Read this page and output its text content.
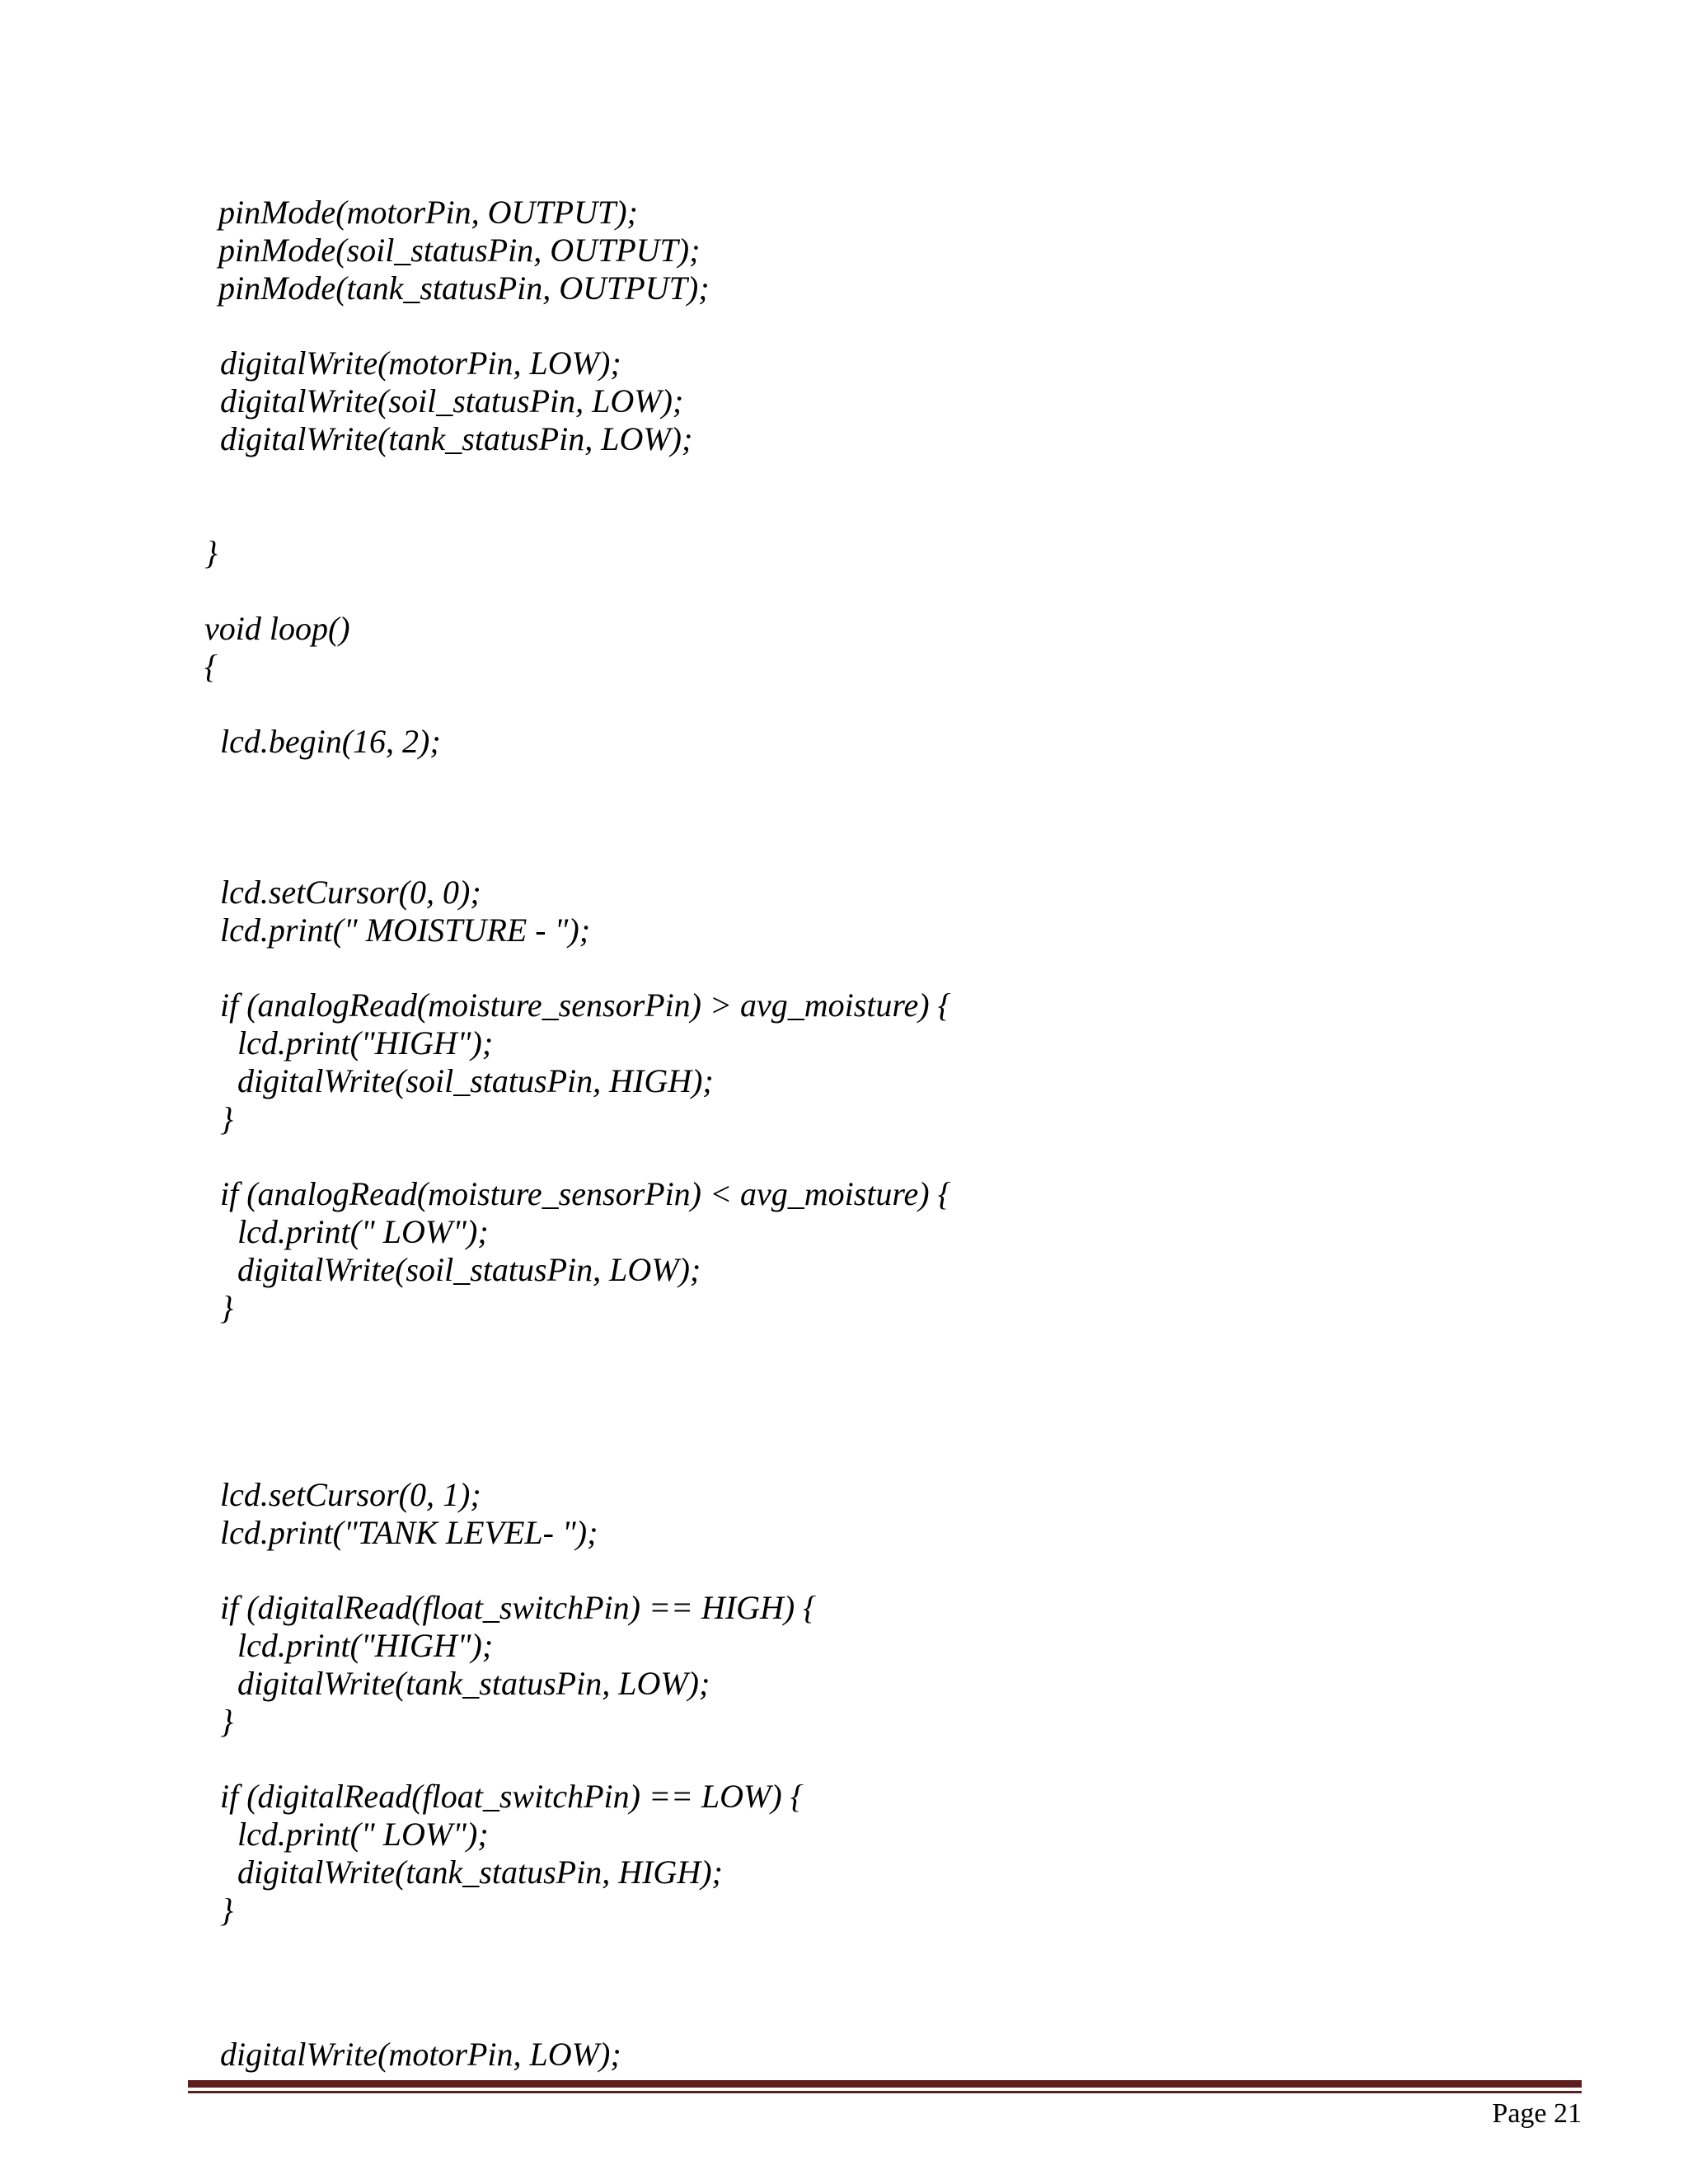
pinMode(motorPin, OUTPUT);
pinMode(soil_statusPin, OUTPUT);
pinMode(tank_statusPin, OUTPUT);
digitalWrite(motorPin, LOW);
digitalWrite(soil_statusPin, LOW);
digitalWrite(tank_statusPin, LOW);
}
void loop()
{
lcd.begin(16, 2);
lcd.setCursor(0, 0);
lcd.print(" MOISTURE - ");
if (analogRead(moisture_sensorPin) > avg_moisture) {
lcd.print("HIGH");
digitalWrite(soil_statusPin, HIGH);
}
if (analogRead(moisture_sensorPin) < avg_moisture) {
lcd.print(" LOW");
digitalWrite(soil_statusPin, LOW);
}
lcd.setCursor(0, 1);
lcd.print("TANK LEVEL- ");
if (digitalRead(float_switchPin) == HIGH) {
lcd.print("HIGH");
digitalWrite(tank_statusPin, LOW);
}
if (digitalRead(float_switchPin) == LOW) {
lcd.print(" LOW");
digitalWrite(tank_statusPin, HIGH);
}
digitalWrite(motorPin, LOW);
Page 21
